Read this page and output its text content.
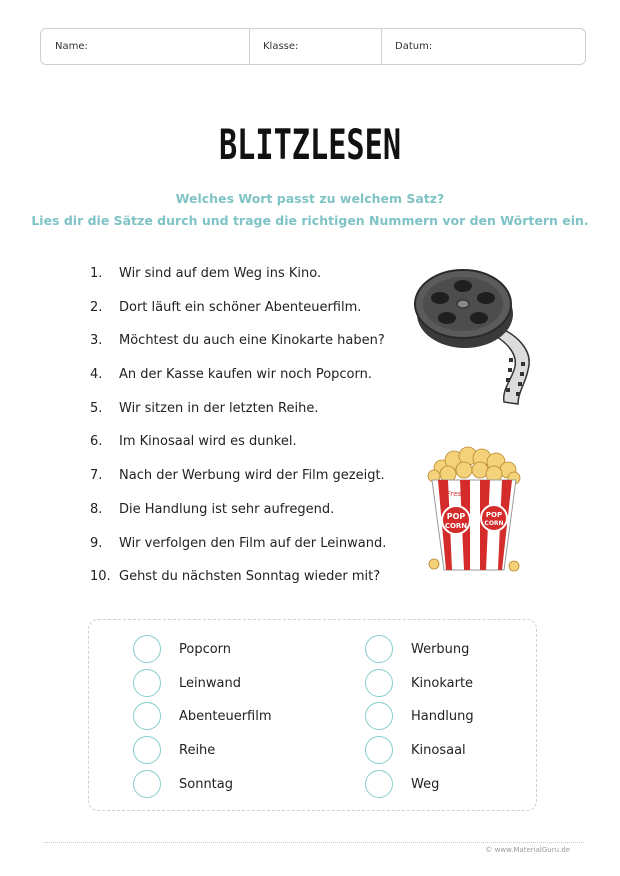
Name:	Klasse:	Datum:
BLITZLESEN
Welches Wort passt zu welchem Satz?
Lies dir die Sätze durch und trage die richtigen Nummern vor den Wörtern ein.
1.	Wir sind auf dem Weg ins Kino.
2.	Dort läuft ein schöner Abenteuerfilm.
3.	Möchtest du auch eine Kinokarte haben?
4.	An der Kasse kaufen wir noch Popcorn.
5.	Wir sitzen in der letzten Reihe.
6.	Im Kinosaal wird es dunkel.
7.	Nach der Werbung wird der Film gezeigt.
8.	Die Handlung ist sehr aufregend.
9.	Wir verfolgen den Film auf der Leinwand.
10. Gehst du nächsten Sonntag wieder mit?
Fresh
POP
CORN
POP
CORN
Popcorn
Leinwand
Abenteuerfilm
Reihe
Sonntag
Werbung
Kinokarte
Handlung
Kinosaal
Weg
© www.MaterialGuru.de
